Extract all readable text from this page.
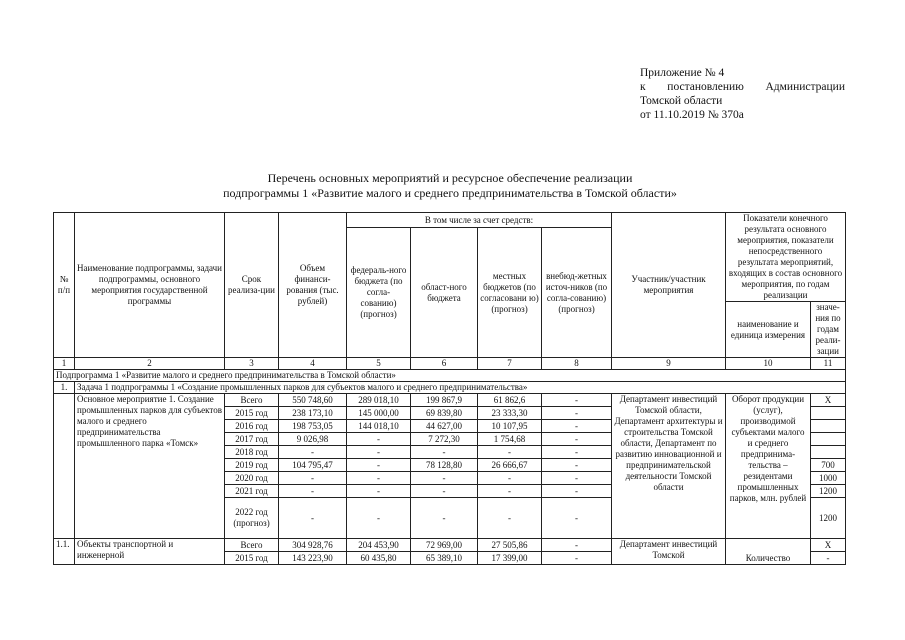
Приложение № 4
к постановлению Администрации
Томской области
от 11.10.2019 № 370а
Перечень основных мероприятий и ресурсное обеспечение реализации
подпрограммы 1 «Развитие малого и среднего предпринимательства в Томской области»
№ п/п	Наименование подпрограммы, задачи подпрограммы, основного мероприятия государственной программы	Срок реализа-ции	Объем финанси-рования (тыс. рублей)	В том числе за счет средств:				Участник/участник мероприятия	Показатели конечного результата основного мероприятия, показатели непосредственного результата мероприятий, входящих в состав основного мероприятия, по годам реализации	
				федераль-ного бюджета (по согла-сованию) (прогноз)	област-ного бюджета	местных бюджетов (по согласовани ю) (прогноз)	внебюд-жетных источ-ников (по согла-сованию) (прогноз)			
									наименование и единица измерения	значе-ния по годам реали-зации
1	2	3	4	5	6	7	8	9	10	11
Подпрограмма 1 «Развитие малого и среднего предпринимательства в Томской области»										
1.	Задача 1 подпрограммы 1 «Создание промышленных парков для субъектов малого и среднего предпринимательства»									
	Основное мероприятие 1. Создание промышленных парков для субъектов малого и среднего предпринимательства промышленного парка «Томск»	Всего	550 748,60	289 018,10	199 867,9	61 862,6	-	Департамент инвестиций Томской области, Департамент архитектуры и строительства Томской области, Департамент по развитию инновационной и предпринимательской деятельности Томской области	Оборот продукции (услуг), производимой субъектами малого и среднего предпринима-тельства – резидентами промышленных парков, млн. рублей	X
		2015 год	238 173,10	145 000,00	69 839,80	23 333,30	-			
		2016 год	198 753,05	144 018,10	44 627,00	10 107,95	-			
		2017 год	9 026,98	-	7 272,30	1 754,68	-			
		2018 год	-	-	-	-	-			
		2019 год	104 795,47	-	78 128,80	26 666,67	-			700
		2020 год	-	-	-	-	-			1000
		2021 год	-	-	-	-	-			1200
		2022 год (прогноз)	-	-	-	-	-			1200
1.1.	Объекты транспортной и инженерной	Всего	304 928,76	204 453,90	72 969,00	27 505,86	-	Департамент инвестиций Томской	Количество	X
		2015 год	143 223,90	60 435,80	65 389,10	17 399,00	-			-
